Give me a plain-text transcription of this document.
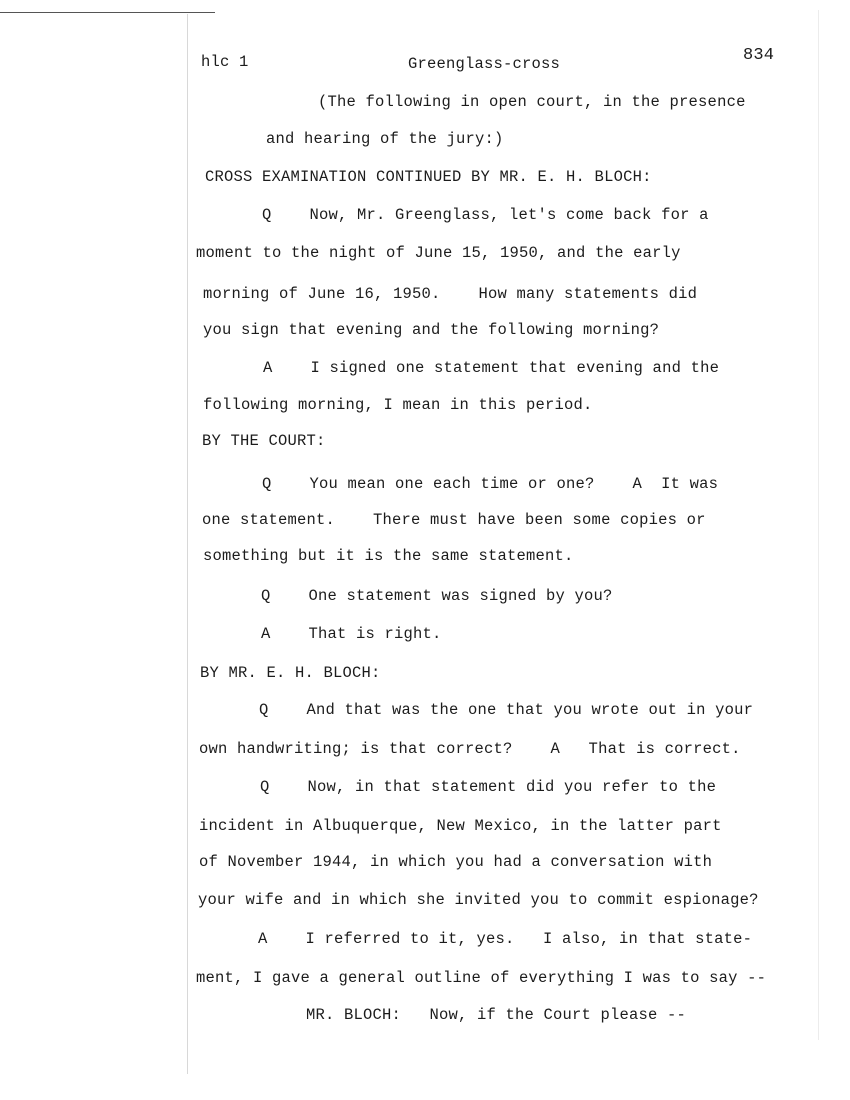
hlc 1	Greenglass-cross	834
(The following in open court, in the presence
and hearing of the jury:)
CROSS EXAMINATION CONTINUED BY MR. E. H. BLOCH:
Q    Now, Mr. Greenglass, let's come back for a
moment to the night of June 15, 1950, and the early
morning of June 16, 1950.    How many statements did
you sign that evening and the following morning?
A    I signed one statement that evening and the
following morning, I mean in this period.
BY THE COURT:
Q    You mean one each time or one?    A  It was
one statement.    There must have been some copies or
something but it is the same statement.
Q    One statement was signed by you?
A    That is right.
BY MR. E. H. BLOCH:
Q    And that was the one that you wrote out in your
own handwriting; is that correct?    A   That is correct.
Q    Now, in that statement did you refer to the
incident in Albuquerque, New Mexico, in the latter part
of November 1944, in which you had a conversation with
your wife and in which she invited you to commit espionage?
A    I referred to it, yes.   I also, in that state-
ment, I gave a general outline of everything I was to say --
MR. BLOCH:   Now, if the Court please --
